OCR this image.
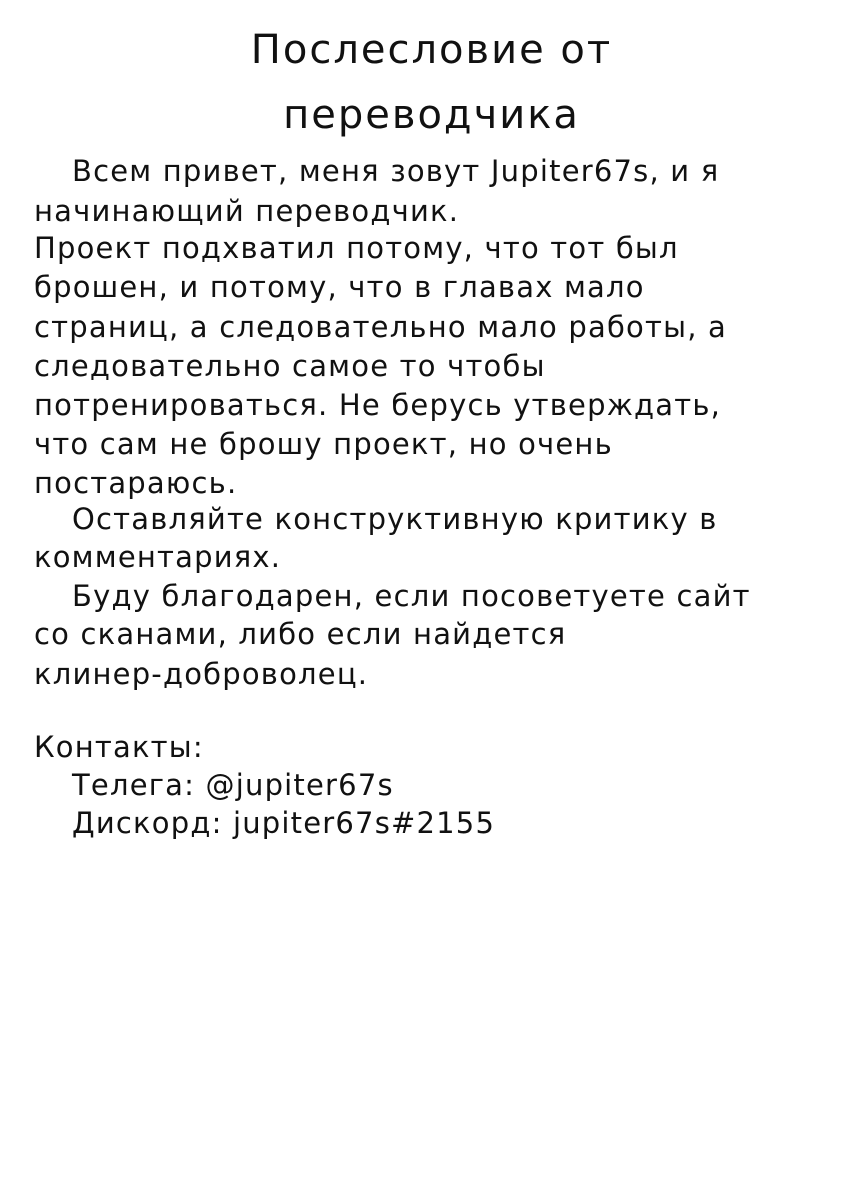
Послесловие от
переводчика
Всем привет, меня зовут Jupiter67s, и я
начинающий переводчик.
Проект подхватил потому, что тот был
брошен, и потому, что в главах мало
страниц, а следовательно мало работы, а
следовательно самое то чтобы
потренироваться. Не берусь утверждать,
что сам не брошу проект, но очень
постараюсь.
Оставляйте конструктивную критику в
комментариях.
Буду благодарен, если посоветуете сайт
со сканами, либо если найдется
клинер-доброволец.
Контакты:
Телега: @jupiter67s
Дискорд: jupiter67s#2155
